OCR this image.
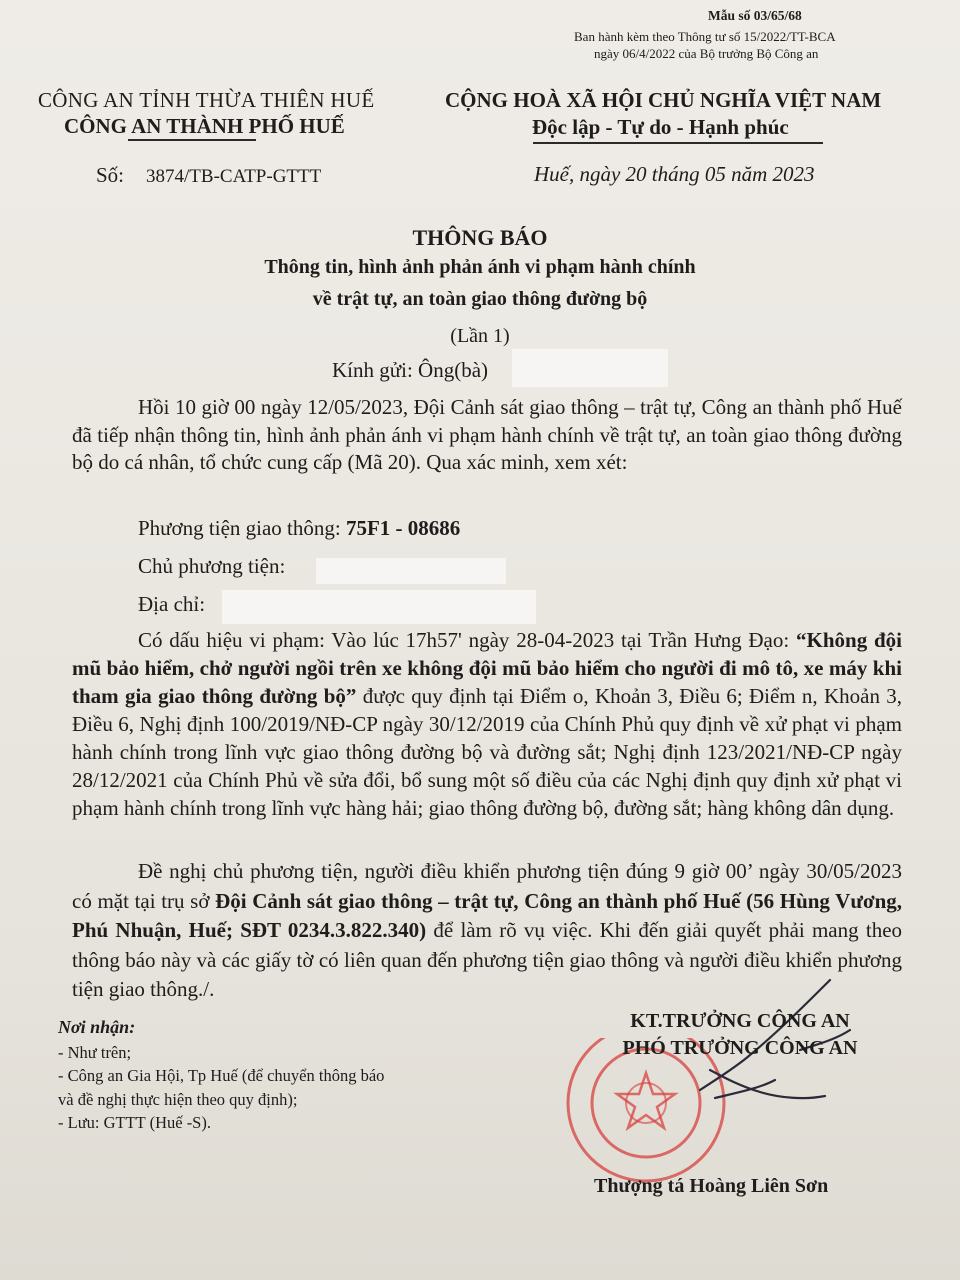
Mẫu số 03/65/68
Ban hành kèm theo Thông tư số 15/2022/TT-BCA
ngày 06/4/2022 của Bộ trưởng Bộ Công an
CÔNG AN TỈNH THỪA THIÊN HUẾ
CÔNG AN THÀNH PHỐ HUẾ
CỘNG HOÀ XÃ HỘI CHỦ NGHĨA VIỆT NAM
Độc lập - Tự do - Hạnh phúc
Số: 3874/TB-CATP-GTTT	Huế, ngày 20 tháng 05 năm 2023
THÔNG BÁO
Thông tin, hình ảnh phản ánh vi phạm hành chính
về trật tự, an toàn giao thông đường bộ
(Lần 1)
Kính gửi: Ông(bà)
Hồi 10 giờ 00 ngày 12/05/2023, Đội Cảnh sát giao thông – trật tự, Công an thành phố Huế đã tiếp nhận thông tin, hình ảnh phản ánh vi phạm hành chính về trật tự, an toàn giao thông đường bộ do cá nhân, tổ chức cung cấp (Mã 20). Qua xác minh, xem xét:
Phương tiện giao thông: 75F1 - 08686
Chủ phương tiện:
Địa chỉ:
Có dấu hiệu vi phạm: Vào lúc 17h57' ngày 28-04-2023 tại Trần Hưng Đạo: “Không đội mũ bảo hiểm, chở người ngồi trên xe không đội mũ bảo hiểm cho người đi mô tô, xe máy khi tham gia giao thông đường bộ” được quy định tại Điểm o, Khoản 3, Điều 6; Điểm n, Khoản 3, Điều 6, Nghị định 100/2019/NĐ-CP ngày 30/12/2019 của Chính Phủ quy định về xử phạt vi phạm hành chính trong lĩnh vực giao thông đường bộ và đường sắt; Nghị định 123/2021/NĐ-CP ngày 28/12/2021 của Chính Phủ về sửa đổi, bổ sung một số điều của các Nghị định quy định xử phạt vi phạm hành chính trong lĩnh vực hàng hải; giao thông đường bộ, đường sắt; hàng không dân dụng.
Đề nghị chủ phương tiện, người điều khiển phương tiện đúng 9 giờ 00’ ngày 30/05/2023 có mặt tại trụ sở Đội Cảnh sát giao thông – trật tự, Công an thành phố Huế (56 Hùng Vương, Phú Nhuận, Huế; SĐT 0234.3.822.340) để làm rõ vụ việc. Khi đến giải quyết phải mang theo thông báo này và các giấy tờ có liên quan đến phương tiện giao thông và người điều khiển phương tiện giao thông./.
Nơi nhận:
- Như trên;
- Công an Gia Hội, Tp Huế (để chuyển thông báo
và đề nghị thực hiện theo quy định);
- Lưu: GTTT (Huế -S).
KT.TRƯỞNG CÔNG AN
PHÓ TRƯỞNG CÔNG AN
Thượng tá Hoàng Liên Sơn
